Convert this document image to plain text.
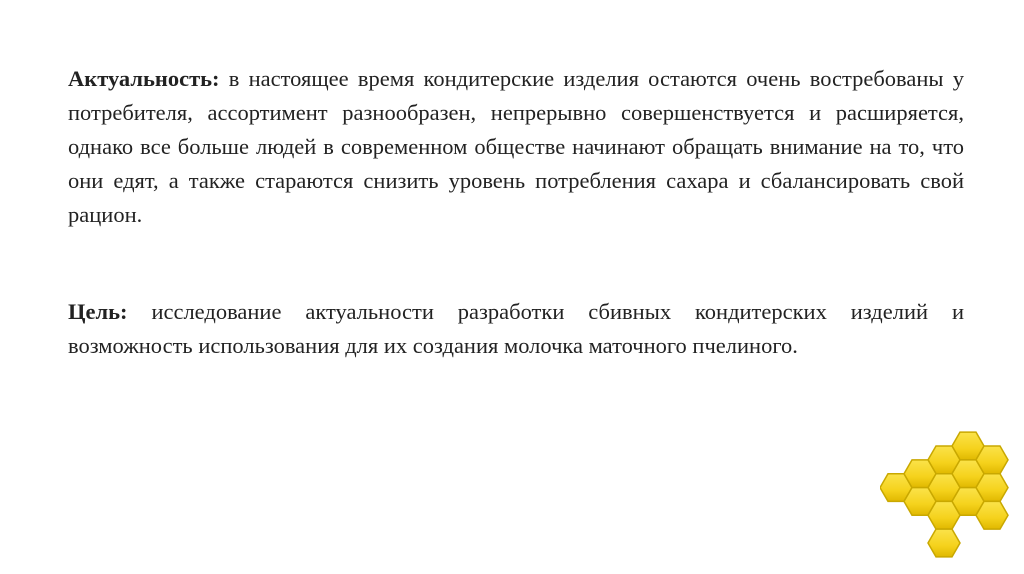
Актуальность: в настоящее время кондитерские изделия остаются очень востребованы у потребителя, ассортимент разнообразен, непрерывно совершенствуется и расширяется, однако все больше людей в современном обществе начинают обращать внимание на то, что они едят, а также стараются снизить уровень потребления сахара и сбалансировать свой рацион.

Цель: исследование актуальности разработки сбивных кондитерских изделий и возможность использования для их создания молочка маточного пчелиного.
